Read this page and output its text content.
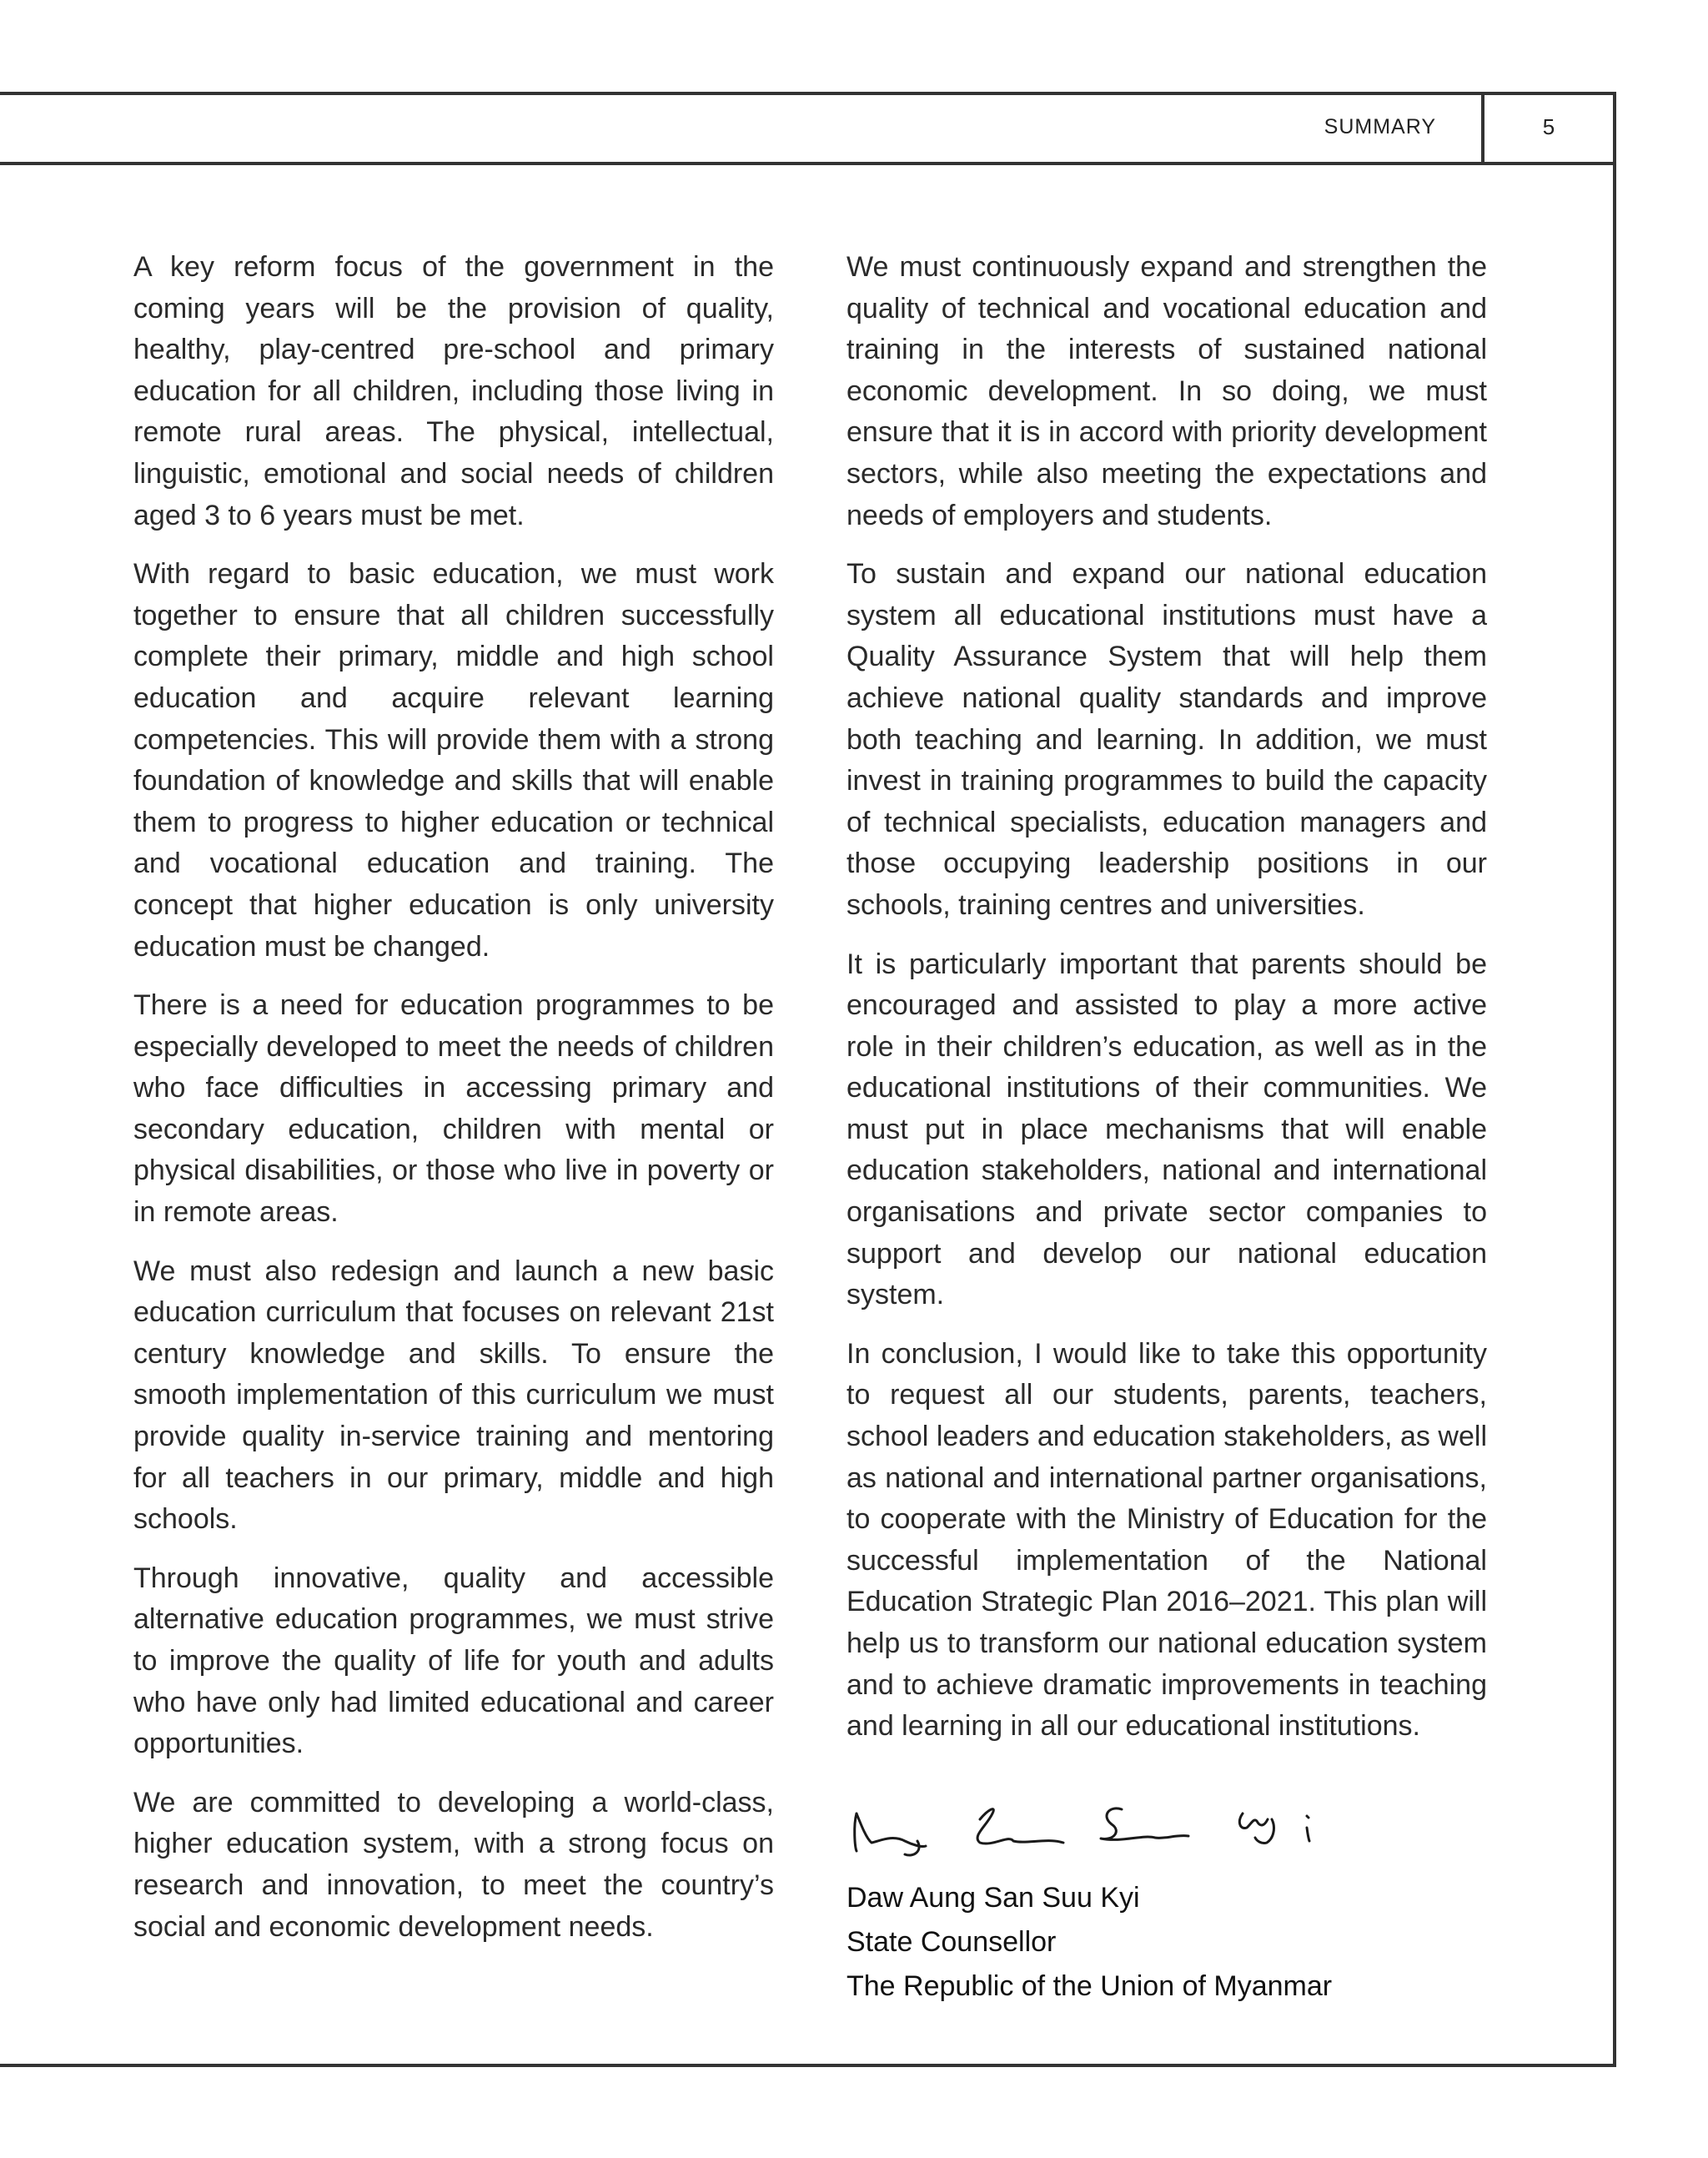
SUMMARY	5

A key reform focus of the government in the coming years will be the provision of quality, healthy, play-centred pre-school and primary education for all children, including those living in remote rural areas. The physical, intellectual, linguistic, emotional and social needs of children aged 3 to 6 years must be met.

With regard to basic education, we must work together to ensure that all children successfully complete their primary, middle and high school education and acquire relevant learning competencies. This will provide them with a strong foundation of knowledge and skills that will enable them to progress to higher education or technical and vocational education and training. The concept that higher education is only university education must be changed.

There is a need for education programmes to be especially developed to meet the needs of children who face difficulties in accessing primary and secondary education, children with mental or physical disabilities, or those who live in poverty or in remote areas.

We must also redesign and launch a new basic education curriculum that focuses on relevant 21st century knowledge and skills. To ensure the smooth implementation of this curriculum we must provide quality in-service training and mentoring for all teachers in our primary, middle and high schools.

Through innovative, quality and accessible alternative education programmes, we must strive to improve the quality of life for youth and adults who have only had limited educational and career opportunities.

We are committed to developing a world-class, higher education system, with a strong focus on research and innovation, to meet the country’s social and economic development needs.

We must continuously expand and strengthen the quality of technical and vocational education and training in the interests of sustained national economic development. In so doing, we must ensure that it is in accord with priority development sectors, while also meeting the expectations and needs of employers and students.

To sustain and expand our national education system all educational institutions must have a Quality Assurance System that will help them achieve national quality standards and improve both teaching and learning. In addition, we must invest in training programmes to build the capacity of technical specialists, education managers and those occupying leadership positions in our schools, training centres and universities.

It is particularly important that parents should be encouraged and assisted to play a more active role in their children’s education, as well as in the educational institutions of their communities. We must put in place mechanisms that will enable education stakeholders, national and international organisations and private sector companies to support and develop our national education system.

In conclusion, I would like to take this opportunity to request all our students, parents, teachers, school leaders and education stakeholders, as well as national and international partner organisations, to cooperate with the Ministry of Education for the successful implementation of the National Education Strategic Plan 2016–2021. This plan will help us to transform our national education system and to achieve dramatic improvements in teaching and learning in all our educational institutions.

Daw Aung San Suu Kyi
State Counsellor
The Republic of the Union of Myanmar
